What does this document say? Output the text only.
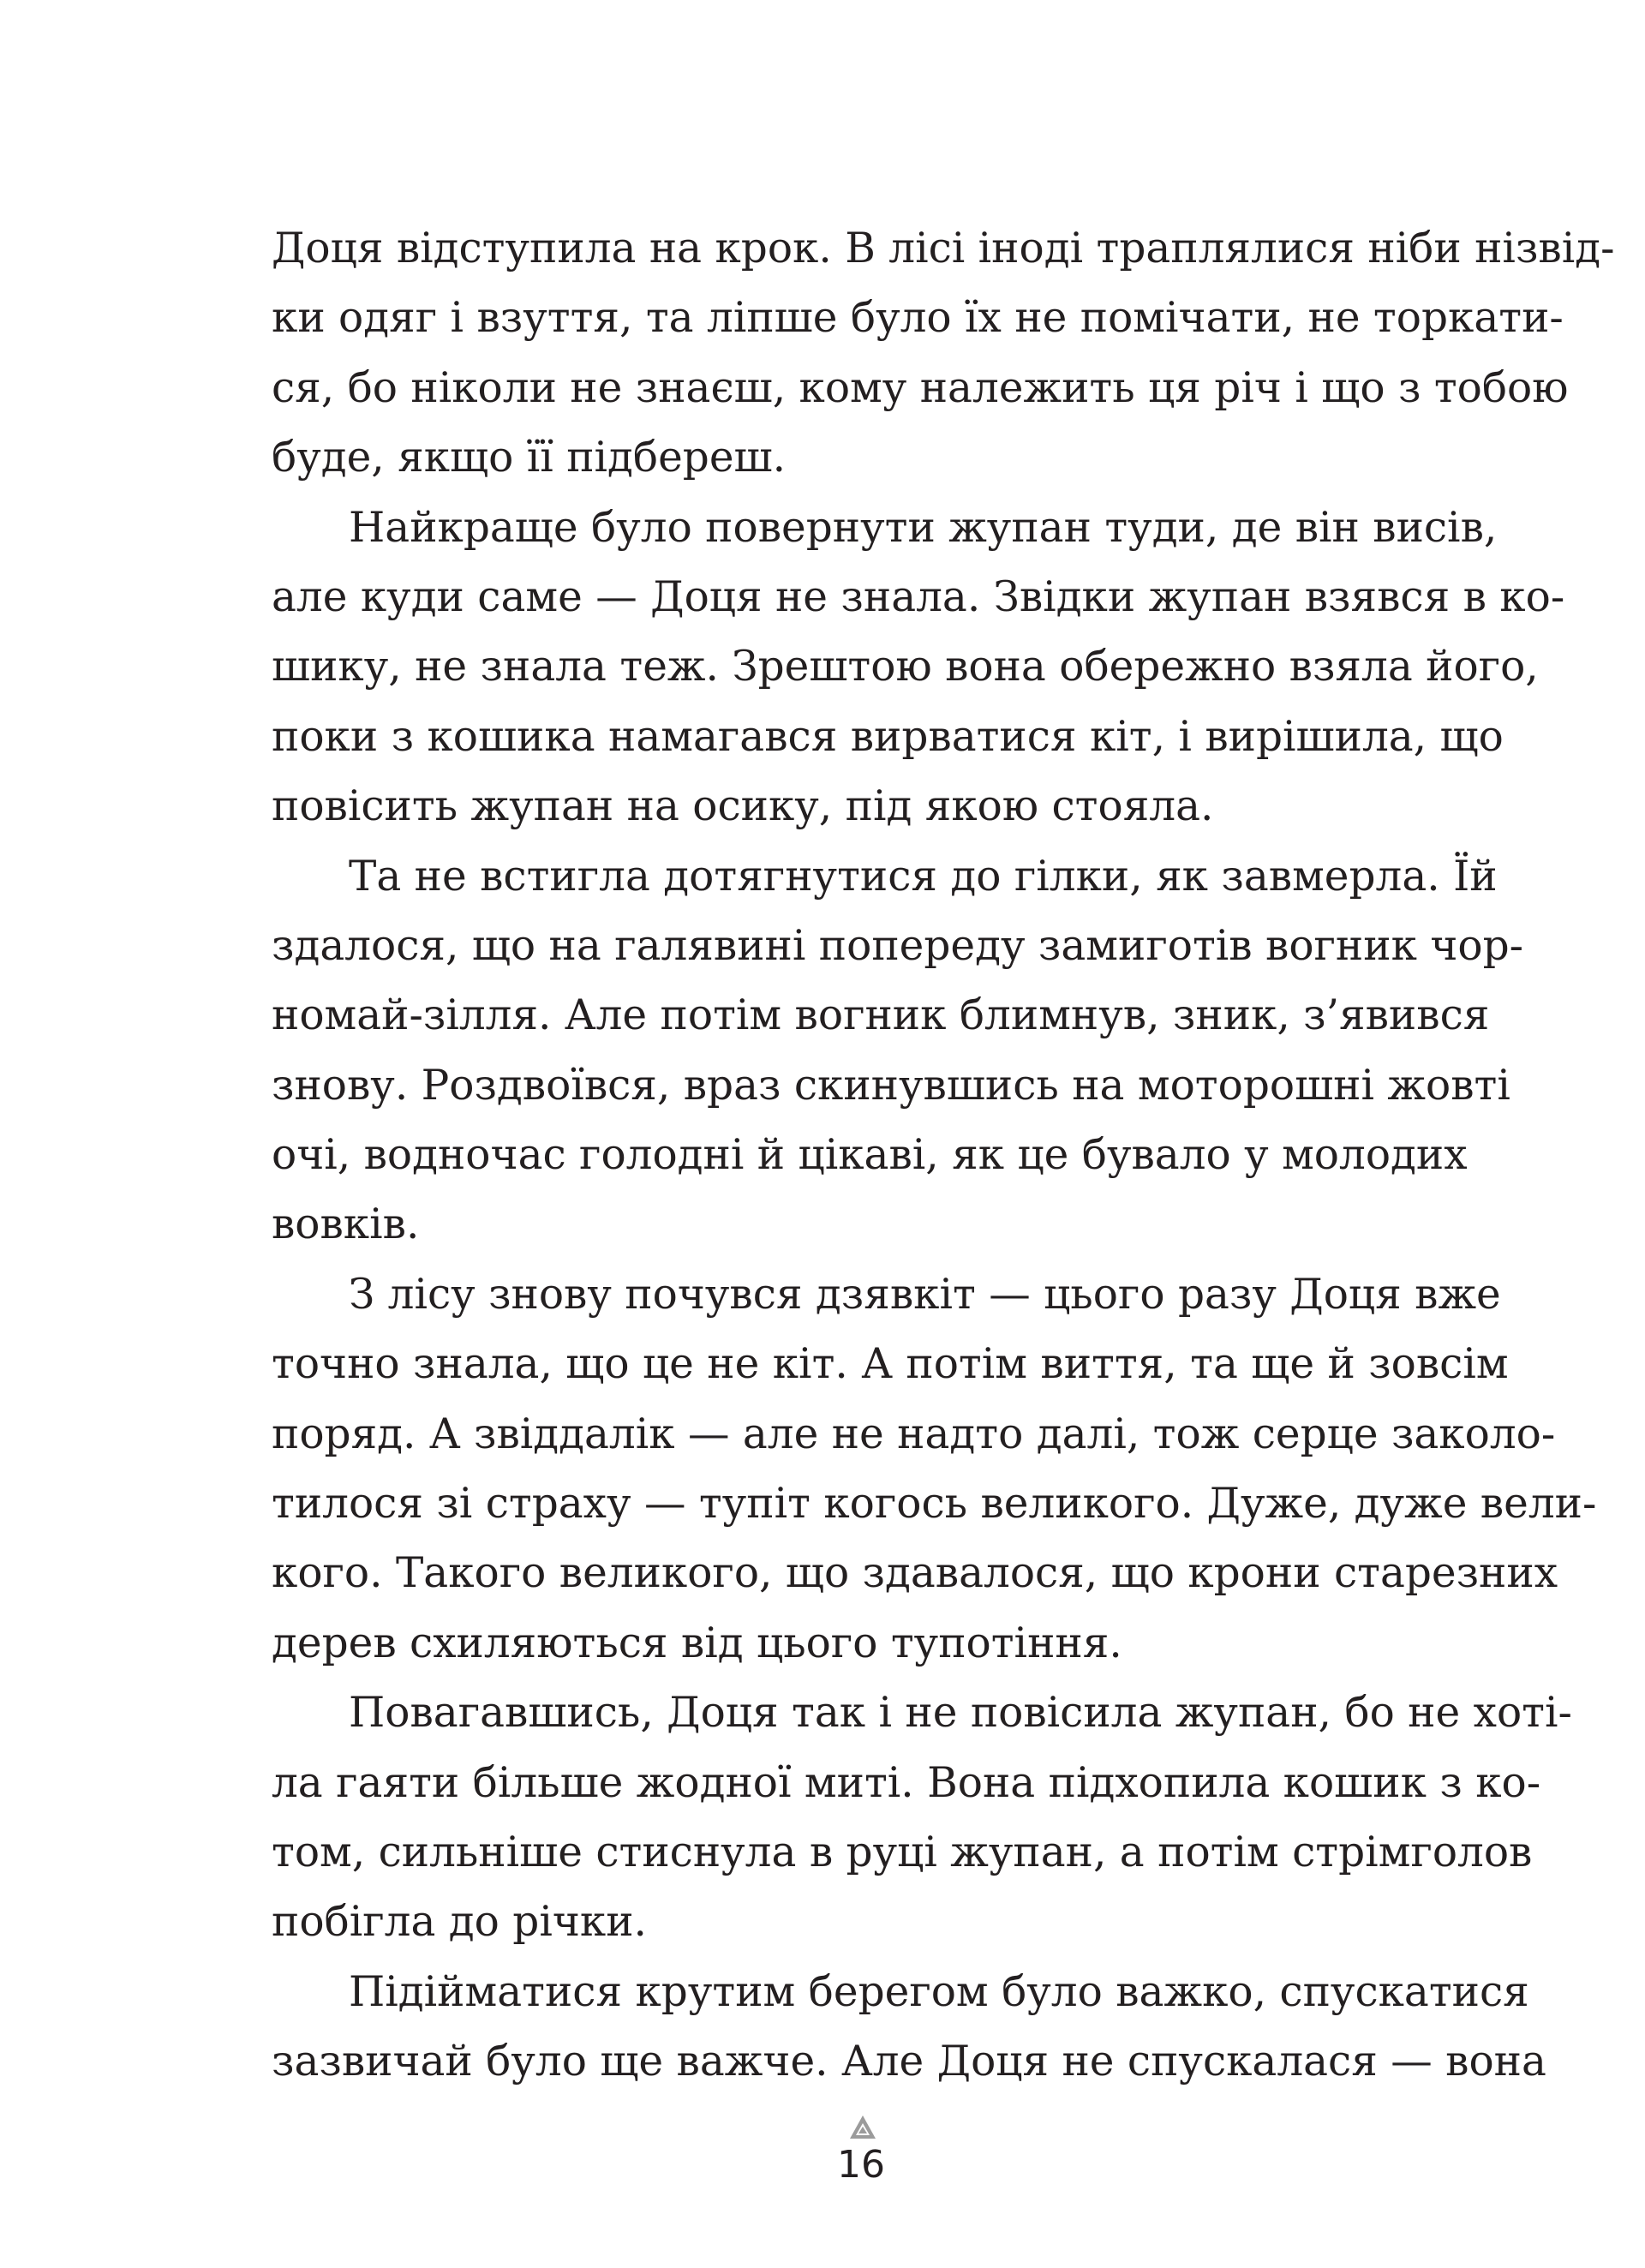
Доця відступила на крок. В лісі іноді траплялися ніби нізвід-
ки одяг і взуття, та ліпше було їх не помічати, не торкати-
ся, бо ніколи не знаєш, кому належить ця річ і що з тобою
буде, якщо її підбереш.
Найкраще було повернути жупан туди, де він висів,
але куди саме — Доця не знала. Звідки жупан взявся в ко-
шику, не знала теж. Зрештою вона обережно взяла його,
поки з кошика намагався вирватися кіт, і вирішила, що
повісить жупан на осику, під якою стояла.
Та не встигла дотягнутися до гілки, як завмерла. Їй
здалося, що на галявині попереду замиготів вогник чор-
номай-зілля. Але потім вогник блимнув, зник, з’явився
знову. Роздвоївся, враз скинувшись на моторошні жовті
очі, водночас голодні й цікаві, як це бувало у молодих
вовків.
З лісу знову почувся дзявкіт — цього разу Доця вже
точно знала, що це не кіт. А потім виття, та ще й зовсім
поряд. А звіддалік — але не надто далі, тож серце заколо-
тилося зі страху — тупіт когось великого. Дуже, дуже вели-
кого. Такого великого, що здавалося, що крони старезних
дерев схиляються від цього тупотіння.
Повагавшись, Доця так і не повісила жупан, бо не хоті-
ла гаяти більше жодної миті. Вона підхопила кошик з ко-
том, сильніше стиснула в руці жупан, а потім стрімголов
побігла до річки.
Підійматися крутим берегом було важко, спускатися
зазвичай було ще важче. Але Доця не спускалася — вона
16
